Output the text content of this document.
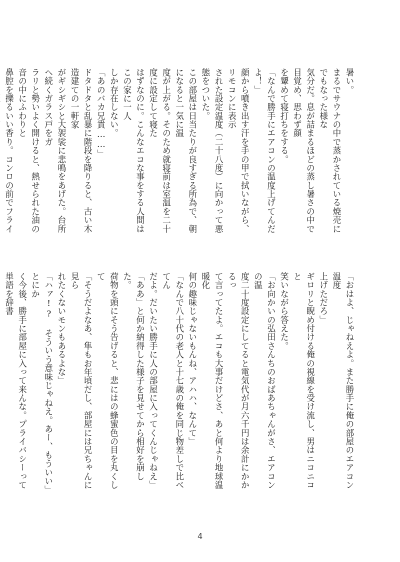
暑い。

まるでサウナの中で蒸かされている焼売にでもなった様な

気分だ。息が詰まるほどの蒸し暑さの中で目覚め、思わず顔

を顰めて寝打ちをする。

「なんで勝手にエアコンの温度上げてんだよ！」

顔から噴き出す汗を手の甲で拭いながら、リモコンに表示

された設定温度（二十八度）に向かって悪態をついた。

この部屋は日当たりが良すぎる所為で、朝になると一気に温

度が上がる。そのため就寝前は室温を二十度に設定して寝た

はずなのに。こんなエコな事をする人間はこの家に一人

しか存在しない。

「あのバカ兄貴……」

ドタドタと乱暴に階段を降りると、古い木造建ての一軒家

がギシギシと大袈裟に悲鳴をあげた。台所へ続くガラス戸をガ

ラリと勢いよく開けると、熱せられた油の音の中にふわりと

鼻腔を擽るいい香り。コンロの前でフライ

「おはよ、じゃねえよ。また勝手に俺の部屋のエアコン温度

上げただろ」

ギロリと睨め付ける俺の視線を受け流し、男はニコニコと

笑いながら答えた。

「お向かいの弘田さんちのおばあちゃんがさ、エアコンの温

度二十度設定にしてると電気代が月六千円は余計にかかるっ

て言ってたよ。エコも大事だけどさ、あと何より地球温暖化

何の趣味じゃないもんね、アハハ、なんて」

「なんで八十代の老人と十七歳の俺を同じ物差しで比べてん

だよ。だいたい勝手に人の部屋に入ってくんじゃねえ」

「ああ」と何か納得した様子を見せてから相好を崩した。

荷物を頭にそう告げると、悲にはの蜂蜜色の目を丸くして

「そうだよなあ、隼もお年頃だし、部屋には兄ちゃんに見ら

れたくないモンもあるよな」

「ハァ!? そういう意味じゃねえ。あー、もういい」とにか

く今後、勝手に部屋に入って来んな。プライバシーって単語を辞書

4
